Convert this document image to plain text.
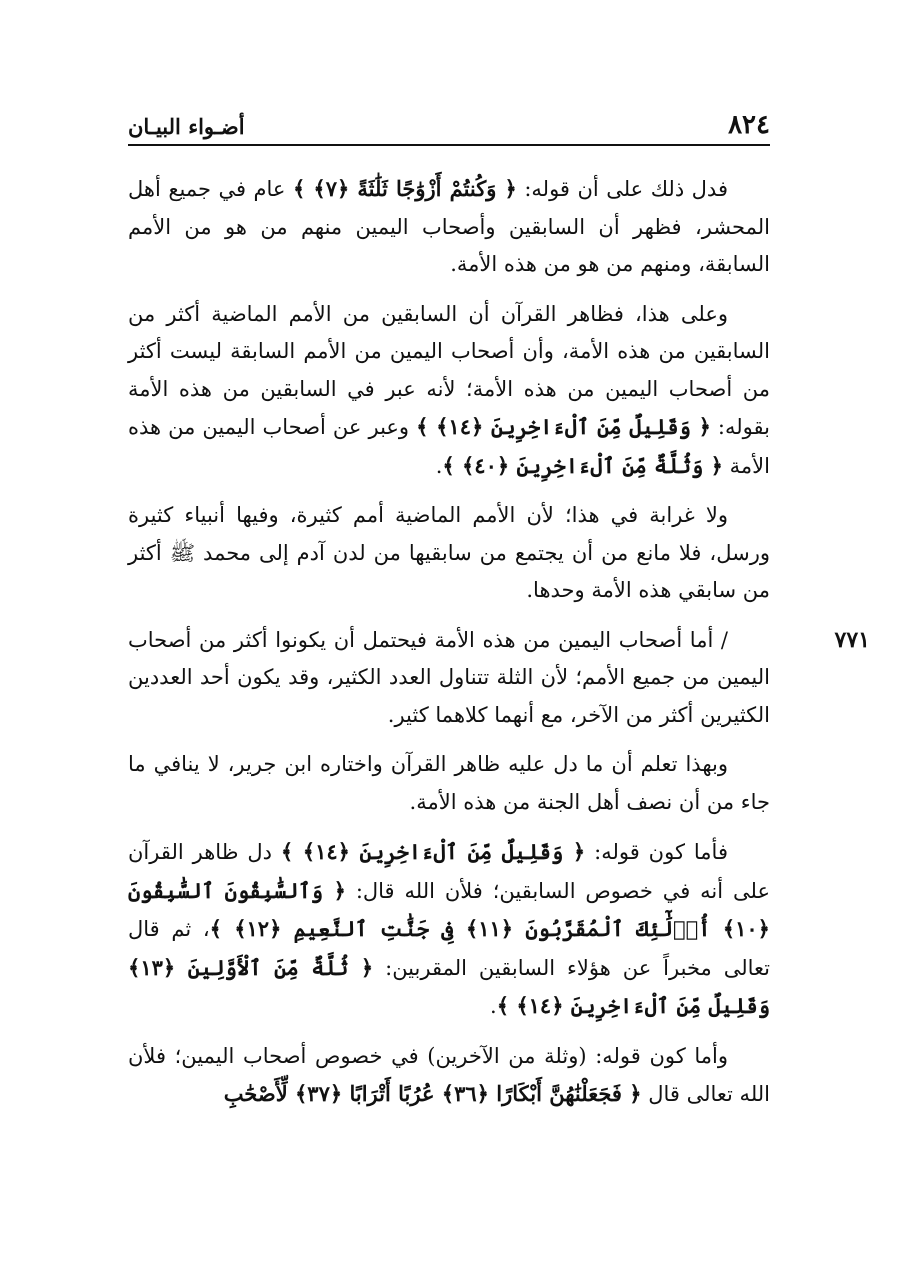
٨٢٤
أضـواء البيـان

فدل ذلك على أن قوله: ﴿ وَكُنتُمْ أَزْوَٰجًا ثَلَٰثَةً ﴿٧﴾ ﴾ عام في جميع أهل المحشر، فظهر أن السابقين وأصحاب اليمين منهم من هو من الأمم السابقة، ومنهم من هو من هذه الأمة.

وعلى هذا، فظاهر القرآن أن السابقين من الأمم الماضية أكثر من السابقين من هذه الأمة، وأن أصحاب اليمين من الأمم السابقة ليست أكثر من أصحاب اليمين من هذه الأمة؛ لأنه عبر في السابقين من هذه الأمة بقوله: ﴿ وَقَلِيلٌ مِّنَ ٱلْءَاخِرِينَ ﴿١٤﴾ ﴾ وعبر عن أصحاب اليمين من هذه الأمة ﴿ وَثُلَّةٌ مِّنَ ٱلْءَاخِرِينَ ﴿٤٠﴾ ﴾.

ولا غرابة في هذا؛ لأن الأمم الماضية أمم كثيرة، وفيها أنبياء كثيرة ورسل، فلا مانع من أن يجتمع من سابقيها من لدن آدم إلى محمد ﷺ أكثر من سابقي هذه الأمة وحدها.

٧٧١
/ أما أصحاب اليمين من هذه الأمة فيحتمل أن يكونوا أكثر من أصحاب اليمين من جميع الأمم؛ لأن الثلة تتناول العدد الكثير، وقد يكون أحد العددين الكثيرين أكثر من الآخر، مع أنهما كلاهما كثير.

وبهذا تعلم أن ما دل عليه ظاهر القرآن واختاره ابن جرير، لا ينافي ما جاء من أن نصف أهل الجنة من هذه الأمة.

فأما كون قوله: ﴿ وَقَلِيلٌ مِّنَ ٱلْءَاخِرِينَ ﴿١٤﴾ ﴾ دل ظاهر القرآن على أنه في خصوص السابقين؛ فلأن الله قال: ﴿ وَٱلسَّٰبِقُونَ ٱلسَّٰبِقُونَ ﴿١٠﴾ أُو۟لَٰٓئِكَ ٱلْمُقَرَّبُونَ ﴿١١﴾ فِى جَنَّٰتِ ٱلنَّعِيمِ ﴿١٢﴾ ﴾، ثم قال تعالى مخبراً عن هؤلاء السابقين المقربين: ﴿ ثُلَّةٌ مِّنَ ٱلْأَوَّلِينَ ﴿١٣﴾ وَقَلِيلٌ مِّنَ ٱلْءَاخِرِينَ ﴿١٤﴾ ﴾.

وأما كون قوله: (وثلة من الآخرين) في خصوص أصحاب اليمين؛ فلأن الله تعالى قال ﴿ فَجَعَلْنَٰهُنَّ أَبْكَارًا ﴿٣٦﴾ عُرُبًا أَتْرَابًا ﴿٣٧﴾ لِّأَصْحَٰبِ
